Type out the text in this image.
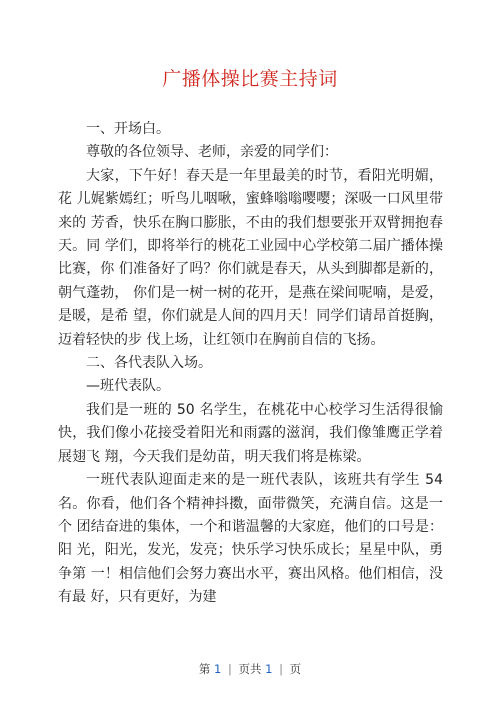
广播体操比赛主持词

一、开场白。

尊敬的各位领导、老师，亲爱的同学们：

大家，下午好！春天是一年里最美的时节，看阳光明媚，花 儿娓紫嫣红；听鸟儿咽啾，蜜蜂嗡嗡嘤嘤；深吸一口风里带来的 芳香，快乐在胸口膨胀，不由的我们想要张开双臂拥抱春天。同 学们，即将举行的桃花工业园中心学校第二届广播体操比赛，你 们准备好了吗？你们就是春天，从头到脚都是新的，朝气蓬勃， 你们是一树一树的花开，是燕在梁间呢喃，是爱，是暖，是希 望，你们就是人间的四月天！同学们请昂首挺胸，迈着轻快的步 伐上场，让红领巾在胸前自信的飞扬。

二、各代表队入场。

—班代表队。

我们是一班的 50 名学生，在桃花中心校学习生活得很愉快，我们像小花接受着阳光和雨露的滋润，我们像雏鹰正学着展翅飞 翔，今天我们是幼苗，明天我们将是栋梁。

一班代表队迎面走来的是一班代表队，该班共有学生 54 名。你看，他们各个精神抖擞，面带微笑，充满自信。这是一个 团结奋进的集体，一个和谐温馨的大家庭，他们的口号是：阳 光，阳光，发光，发亮；快乐学习快乐成长；星星中队，勇争第 一！相信他们会努力赛出水平，赛出风格。他们相信，没有最 好，只有更好，为建

第 1 | 页共 1 | 页
